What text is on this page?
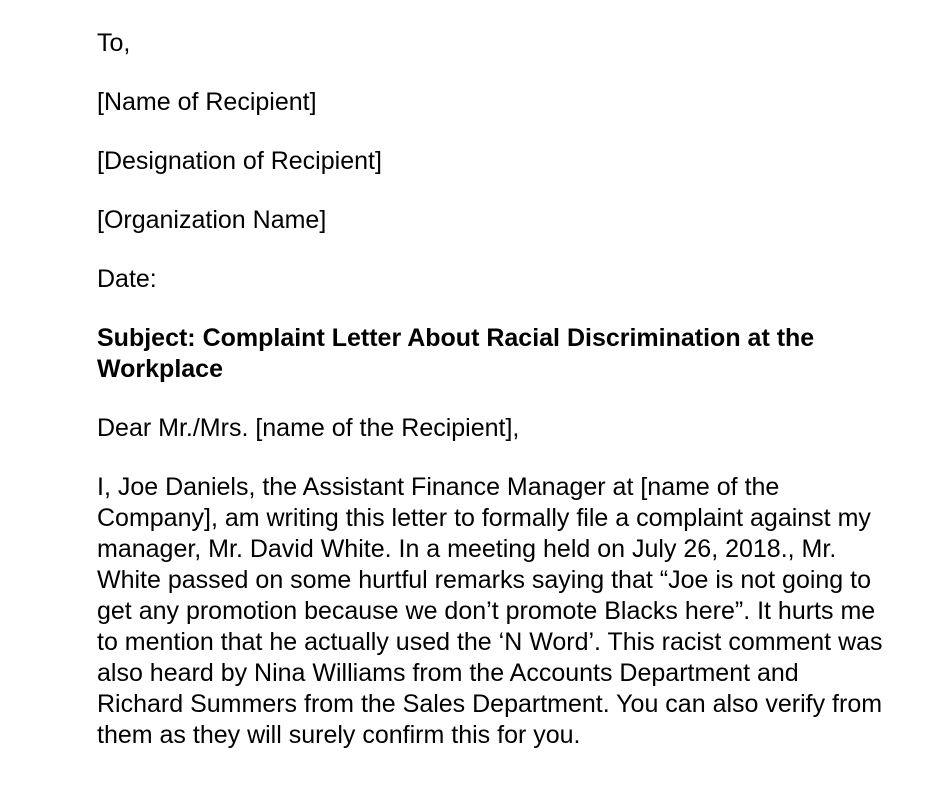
To,
[Name of Recipient]
[Designation of Recipient]
[Organization Name]
Date:
Subject: Complaint Letter About Racial Discrimination at the Workplace
Dear Mr./Mrs. [name of the Recipient],
I, Joe Daniels, the Assistant Finance Manager at [name of the Company], am writing this letter to formally file a complaint against my manager, Mr. David White. In a meeting held on July 26, 2018., Mr. White passed on some hurtful remarks saying that “Joe is not going to get any promotion because we don’t promote Blacks here”. It hurts me to mention that he actually used the ‘N Word’. This racist comment was also heard by Nina Williams from the Accounts Department and Richard Summers from the Sales Department. You can also verify from them as they will surely confirm this for you.
